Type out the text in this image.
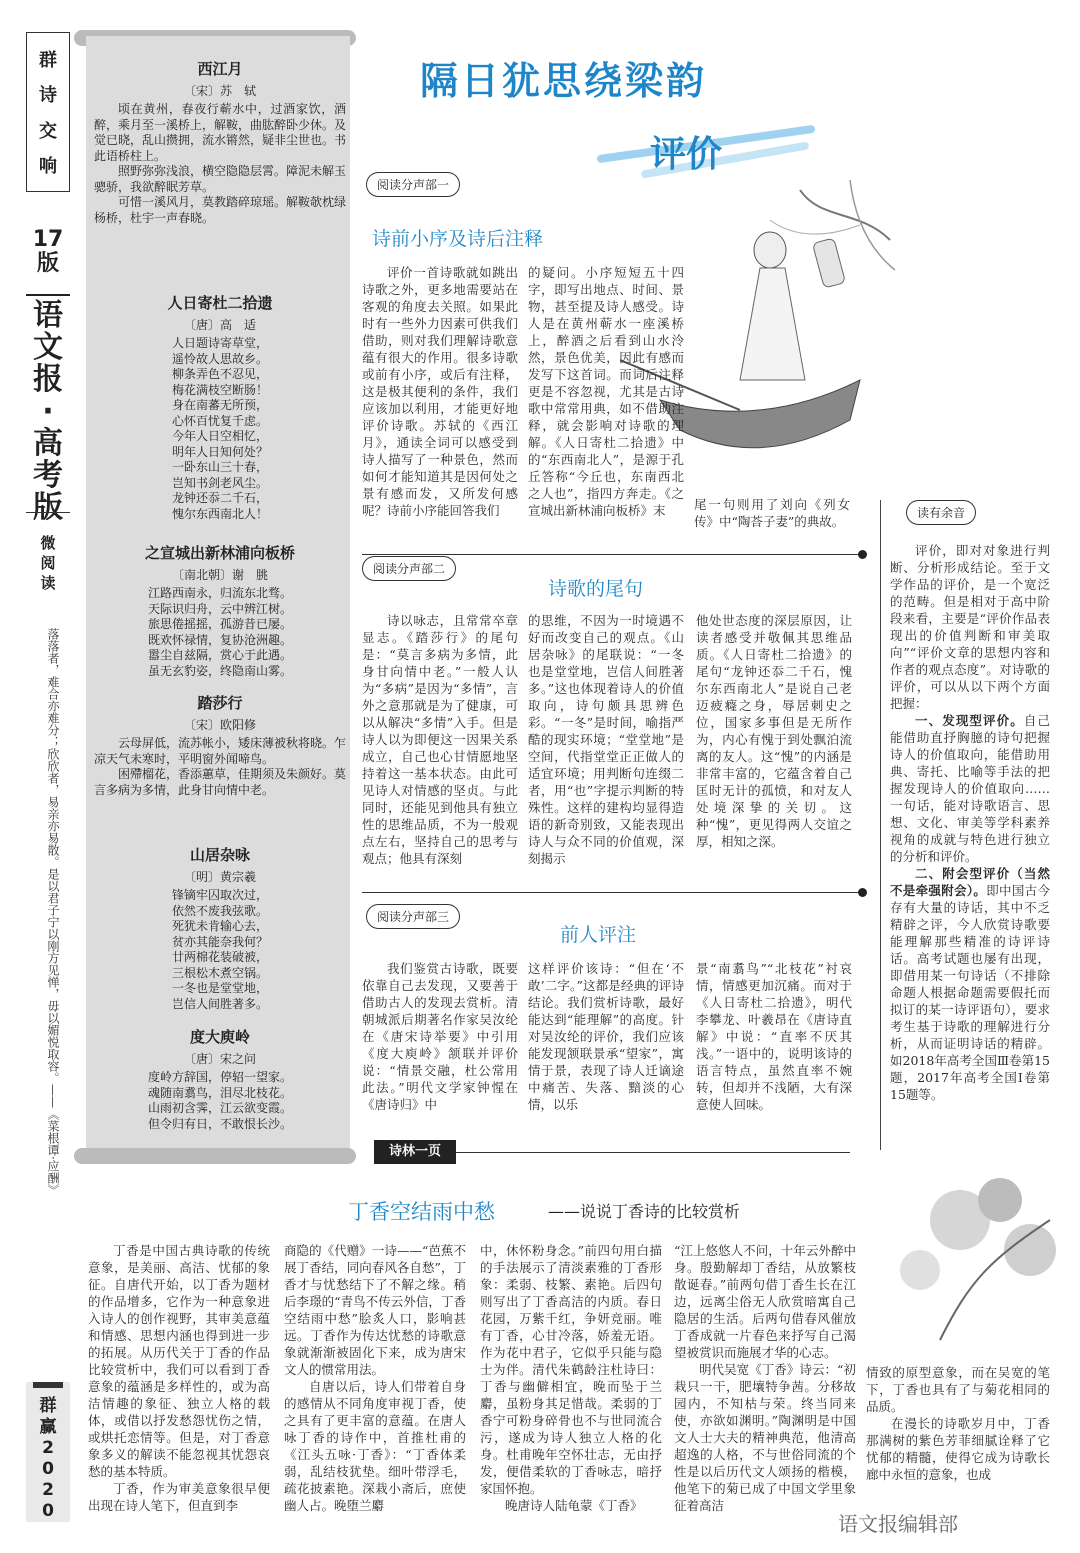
群
诗
交
响
17
版
语
文
报
·
高
考
版
微
阅
读
落落者，难合亦难分；欣欣者，易亲亦易散。是以君子宁以刚方见惮，毋以媚悦取容。——《菜根谭·应酬》
群
赢
2
0
2
0
西江月
〔宋〕苏　轼
顷在黄州，春夜行蕲水中，过酒家饮，酒醉，乘月至一溪桥上，解鞍，曲肱醉卧少休。及觉已晓，乱山攒拥，流水锵然，疑非尘世也。书此语桥柱上。
照野弥弥浅浪，横空隐隐层霄。障泥未解玉骢骄，我欲醉眠芳草。
可惜一溪风月，莫教踏碎琼瑶。解鞍欹枕绿杨桥，杜宇一声春晓。
人日寄杜二拾遗
〔唐〕高　适
人日题诗寄草堂，
遥怜故人思故乡。
柳条弄色不忍见，
梅花满枝空断肠！
身在南蕃无所预，
心怀百忧复千虑。
今年人日空相忆，
明年人日知何处？
一卧东山三十春，
岂知书剑老风尘。
龙钟还忝二千石，
愧尔东西南北人！
之宣城出新林浦向板桥
〔南北朝〕谢　朓
江路西南永，归流东北骛。
天际识归舟，云中辨江树。
旅思倦摇摇，孤游昔已屡。
既欢怀禄情，复协沧洲趣。
嚣尘自兹隔，赏心于此遇。
虽无玄豹姿，终隐南山雾。
踏莎行
〔宋〕欧阳修
云母屏低，流苏帐小，矮床薄被秋将晓。乍凉天气未寒时，平明窗外闻啼鸟。
困殢榴花，香添蕙草，佳期须及朱颜好。莫言多病为多情，此身甘向情中老。
山居杂咏
〔明〕黄宗羲
锋镝牢囚取次过，
依然不废我弦歌。
死犹未肯输心去，
贫亦其能奈我何？
廿两棉花装破被，
三根松木煮空锅。
一冬也是堂堂地，
岂信人间胜著多。
度大庾岭
〔唐〕宋之问
度岭方辞国，停轺一望家。
魂随南翥鸟，泪尽北枝花。
山雨初含霁，江云欲变霞。
但令归有日，不敢恨长沙。
隔日犹思绕梁韵
评价
阅读分声部一
诗前小序及诗后注释

评价一首诗歌就如跳出诗歌之外，更多地需要站在客观的角度去关照。如果此时有一些外力因素可供我们借助，则对我们理解诗歌意蕴有很大的作用。很多诗歌或前有小序，或后有注释，这是极其便利的条件，我们应该加以利用，才能更好地评价诗歌。苏轼的《西江月》，通读全词可以感受到诗人描写了一种景色，然而如何才能知道其是因何处之景有感而发，又所发何感呢？诗前小序能回答我们

的疑问。小序短短五十四字，即写出地点、时间、景物，甚至提及诗人感受。诗人是在黄州蕲水一座溪桥上，醉酒之后看到山水泠然，景色优美，因此有感而发写下这首词。而词后注释更是不容忽视，尤其是古诗歌中常常用典，如不借助注释，就会影响对诗歌的理解。《人日寄杜二拾遗》中的“东西南北人”，是源于孔丘答称“今丘也，东南西北之人也”，指四方奔走。《之宣城出新林浦向板桥》末	尾一句则用了刘向《列女传》中“陶荅子妻”的典故。

阅读分声部二
诗歌的尾句

诗以咏志，且常常卒章显志。《踏莎行》的尾句是：“莫言多病为多情，此身甘向情中老。”一般人认为“多病”是因为“多情”，言外之意那就是为了健康，可以从解决“多情”入手。但是诗人以为即便这一因果关系成立，自己也心甘情愿地坚持着这一基本状态。由此可见诗人对情感的坚贞。与此同时，还能见到他具有独立性的思维品质，不为一般观点左右，坚持自己的思考与观点；他具有深刻

的思维，不因为一时境遇不好而改变自己的观点。《山居杂咏》的尾联说：“一冬也是堂堂地，岂信人间胜著多。”这也体现着诗人的价值取向，诗句颇具思辨色彩。“一冬”是时间，喻指严酷的现实环境；“堂堂地”是空间，代指堂堂正正做人的适宜环境；用判断句连缀二者，用“也”字提示判断的特殊性。这样的建构均显得造语的新奇别致，又能表现出诗人与众不同的价值观，深刻揭示

他处世态度的深层原因，让读者感受并敬佩其思维品质。《人日寄杜二拾遗》的尾句“龙钟还忝二千石，愧尔东西南北人”是说自己老迈疲癃之身，辱居刺史之位，国家多事但是无所作为，内心有愧于到处飘泊流离的友人。这“愧”的内涵是非常丰富的，它蕴含着自己匡时无计的孤愤，和对友人处境深挚的关切。这种“愧”，更见得两人交谊之厚，相知之深。

阅读分声部三
前人评注

我们鉴赏古诗歌，既要依靠自己去发现，又要善于借助古人的发现去赏析。清朝城派后期著名作家吴汝纶在《唐宋诗举要》中引用《度大庾岭》颔联并评价说：“情景交融，杜公常用此法。”明代文学家钟惺在《唐诗归》中

这样评价该诗：“但在‘不敢’二字。”这都是经典的评诗结论。我们赏析诗歌，最好能达到“能理解”的高度。针对吴汝纶的评价，我们应该能发现颔联景承“望家”，寓情于景，表现了诗人迁谪途中痛苦、失落、黯淡的心情，以乐

景“南翥鸟”“北枝花”衬哀情，情感更加沉痛。而对于《人日寄杜二拾遗》，明代李攀龙、叶羲昂在《唐诗直解》中说：“直率不厌其浅。”一语中的，说明该诗的语言特点，虽然直率不婉转，但却并不浅陋，大有深意使人回味。

读有余音

评价，即对对象进行判断、分析形成结论。至于文学作品的评价，是一个宽泛的范畴。但是相对于高中阶段来看，主要是“评价作品表现出的价值判断和审美取向”“评价文章的思想内容和作者的观点态度”。对诗歌的评价，可以从以下两个方面把握：

一、发现型评价。自己能借助直抒胸臆的诗句把握诗人的价值取向，能借助用典、寄托、比喻等手法的把握发现诗人的价值取向……一句话，能对诗歌语言、思想、文化、审美等学科素养视角的成就与特色进行独立的分析和评价。

二、附会型评价（当然不是牵强附会）。即中国古今存有大量的诗话，其中不乏精辟之评，今人欣赏诗歌要能理解那些精准的诗评诗话。高考试题也屡有出现，即借用某一句诗话（不排除命题人根据命题需要假托而拟订的某一诗评语句），要求考生基于诗歌的理解进行分析，从而证明诗话的精辟。如2018年高考全国Ⅲ卷第15题，2017年高考全国Ⅰ卷第15题等。

诗林一页
丁香空结雨中愁	——说说丁香诗的比较赏析

丁香是中国古典诗歌的传统意象，是美丽、高洁、忧郁的象征。自唐代开始，以丁香为题材的作品增多，它作为一种意象进入诗人的创作视野，其审美意蕴和情感、思想内涵也得到进一步的拓展。从历代关于丁香的作品比较赏析中，我们可以看到丁香意象的蕴涵是多样性的，或为高洁情趣的象征、独立人格的载体，或借以抒发愁怨忧伤之情，或烘托恋情等。但是，对丁香意象多义的解读不能忽视其忧怨哀愁的基本特质。

丁香，作为审美意象很早便出现在诗人笔下，但直到李

商隐的《代赠》一诗——“芭蕉不展丁香结，同向春风各自愁”，丁香才与忧愁结下了不解之缘。稍后李璟的“青鸟不传云外信，丁香空结雨中愁”脍炙人口，影响甚远。丁香作为传达忧愁的诗歌意象就渐渐被固化下来，成为唐宋文人的惯常用法。

自唐以后，诗人们带着自身的感情从不同角度审视丁香，使之具有了更丰富的意蕴。在唐人咏丁香的诗作中，首推杜甫的《江头五咏·丁香》：“丁香体柔弱，乱结枝犹垫。细叶带浮毛，疏花披素艳。深栽小斋后，庶使幽人占。晚堕兰麝

中，休怀粉身念。”前四句用白描的手法展示了清淡素雅的丁香形象：柔弱、枝繁、素艳。后四句则写出了丁香高洁的内质。春日花园，万紫千红，争妍竞丽。唯有丁香，心甘冷落，娇羞无语。作为花中君子，它似乎只能与隐士为伴。清代朱鹤龄注杜诗曰：丁香与幽僻相宜，晚而坠于兰麝，虽粉身其足惜哉。柔弱的丁香宁可粉身碎骨也不与世同流合污，遂成为诗人独立人格的化身。杜甫晚年空怀壮志，无由抒发，便借柔软的丁香咏志，暗抒家国怀抱。

晚唐诗人陆龟蒙《丁香》

“江上悠悠人不问，十年云外醉中身。殷勤解却丁香结，从放繁枝散诞春。”前两句借丁香生长在江边，远离尘俗无人欣赏暗寓自己隐居的生活。后两句借春风催放丁香成就一片春色来抒写自己渴望被赏识而施展才华的心志。

明代吴宽《丁香》诗云：“初栽只一干，肥壤特争茜。分移故园内，不知枯与荣。终当同来使，亦欲如渊明。”陶渊明是中国文人士大夫的精神典范，他清高超逸的人格，不与世俗同流的个性是以后历代文人颂扬的楷模，他笔下的菊已成了中国文学里象征着高洁

情致的原型意象，而在吴宽的笔下，丁香也具有了与菊花相同的品质。

在漫长的诗歌岁月中，丁香那满树的紫色芳菲细腻诠释了它忧郁的精髓，使得它成为诗歌长廊中永恒的意象，也成

语文报编辑部
